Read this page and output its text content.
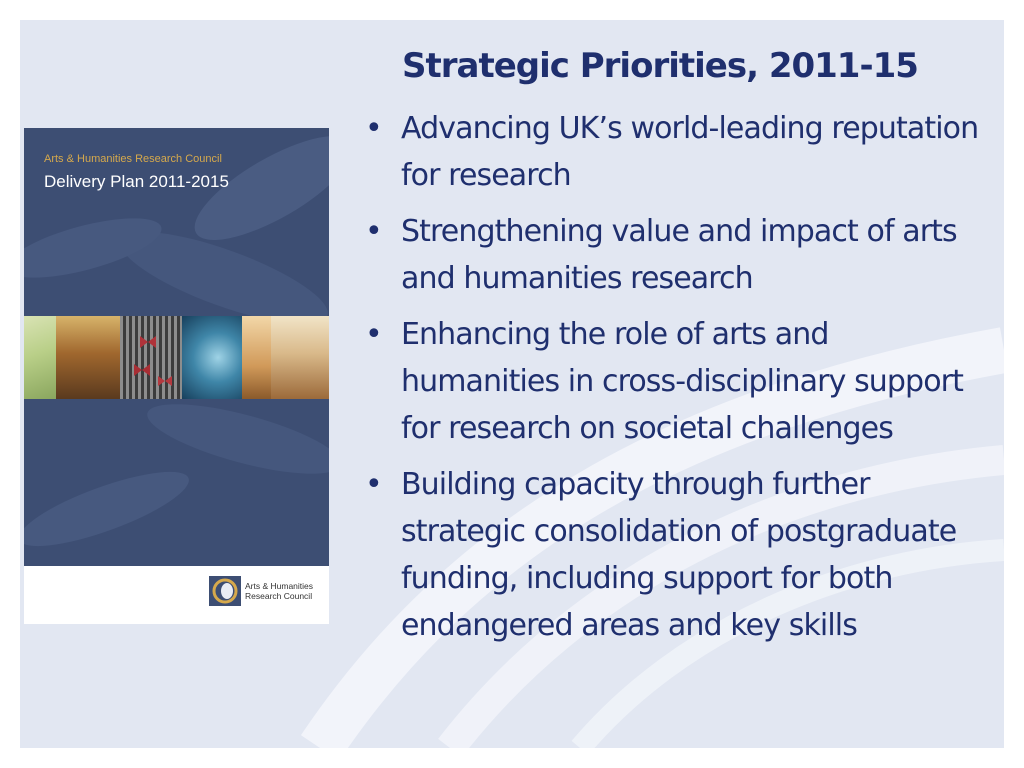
Arts & Humanities Research Council
Delivery Plan 2011-2015
Arts & Humanities
Research Council
Strategic Priorities, 2011-15
• Advancing UK’s world-leading reputation for research
• Strengthening value and impact of arts and humanities research
• Enhancing the role of arts and humanities in cross-disciplinary support for research on societal challenges
• Building capacity through further strategic consolidation of postgraduate funding, including support for both endangered areas and key skills
